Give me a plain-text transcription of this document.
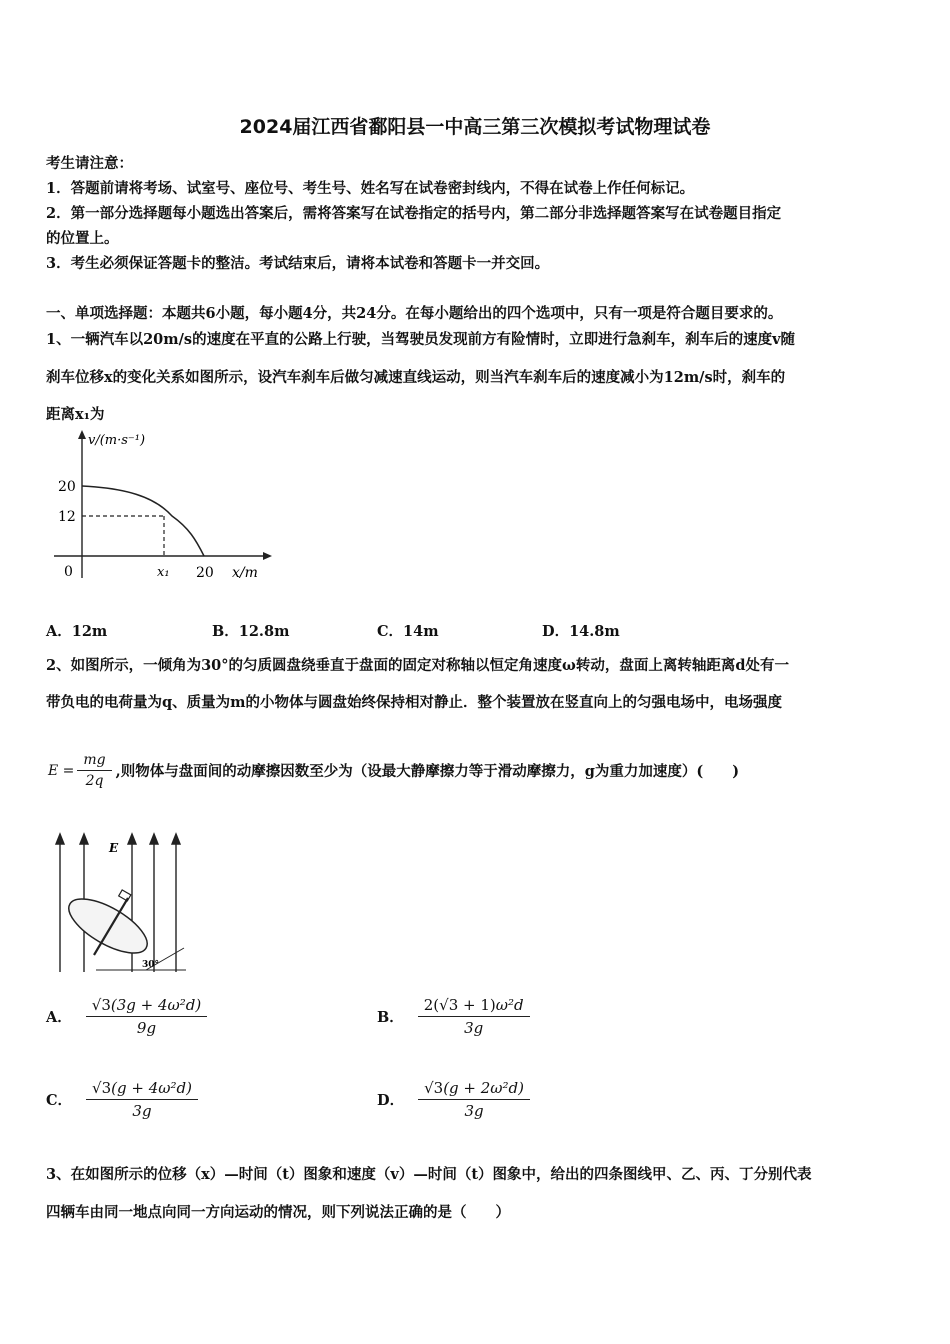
2024届江西省鄱阳县一中高三第三次模拟考试物理试卷
考生请注意：
1．答题前请将考场、试室号、座位号、考生号、姓名写在试卷密封线内，不得在试卷上作任何标记。
2．第一部分选择题每小题选出答案后，需将答案写在试卷指定的括号内，第二部分非选择题答案写在试卷题目指定
的位置上。
3．考生必须保证答题卡的整洁。考试结束后，请将本试卷和答题卡一并交回。
一、单项选择题：本题共6小题，每小题4分，共24分。在每小题给出的四个选项中，只有一项是符合题目要求的。
1、一辆汽车以20m/s的速度在平直的公路上行驶，当驾驶员发现前方有险情时，立即进行急刹车，刹车后的速度v随
刹车位移x的变化关系如图所示，设汽车刹车后做匀减速直线运动，则当汽车刹车后的速度减小为12m/s时，刹车的
距离x₁为
v/(m·s⁻¹)
20
12
0	x₁ 20 x/m
A．12m	B．12.8m	C．14m	D．14.8m
2、如图所示，一倾角为30°的匀质圆盘绕垂直于盘面的固定对称轴以恒定角速度ω转动，盘面上离转轴距离d处有一
带负电的电荷量为q、质量为m的小物体与圆盘始终保持相对静止．整个装置放在竖直向上的匀强电场中，电场强度
$E = \frac{mg}{2q}$ ,则物体与盘面间的动摩擦因数至少为（设最大静摩擦力等于滑动摩擦力，g为重力加速度）(　　)
E
30°
A． $\frac{\text{√3(3g + 4ω²d)}}{9g}$	B． $\frac{\text{2(√3 + 1)ω²d}}{3g}$
C． $\frac{\text{√3(g + 4ω²d)}}{3g}$	D． $\frac{\text{√3(g + 2ω²d)}}{3g}$
3、在如图所示的位移（x）—时间（t）图象和速度（v）—时间（t）图象中，给出的四条图线甲、乙、丙、丁分别代表
四辆车由同一地点向同一方向运动的情况，则下列说法正确的是（　　）
